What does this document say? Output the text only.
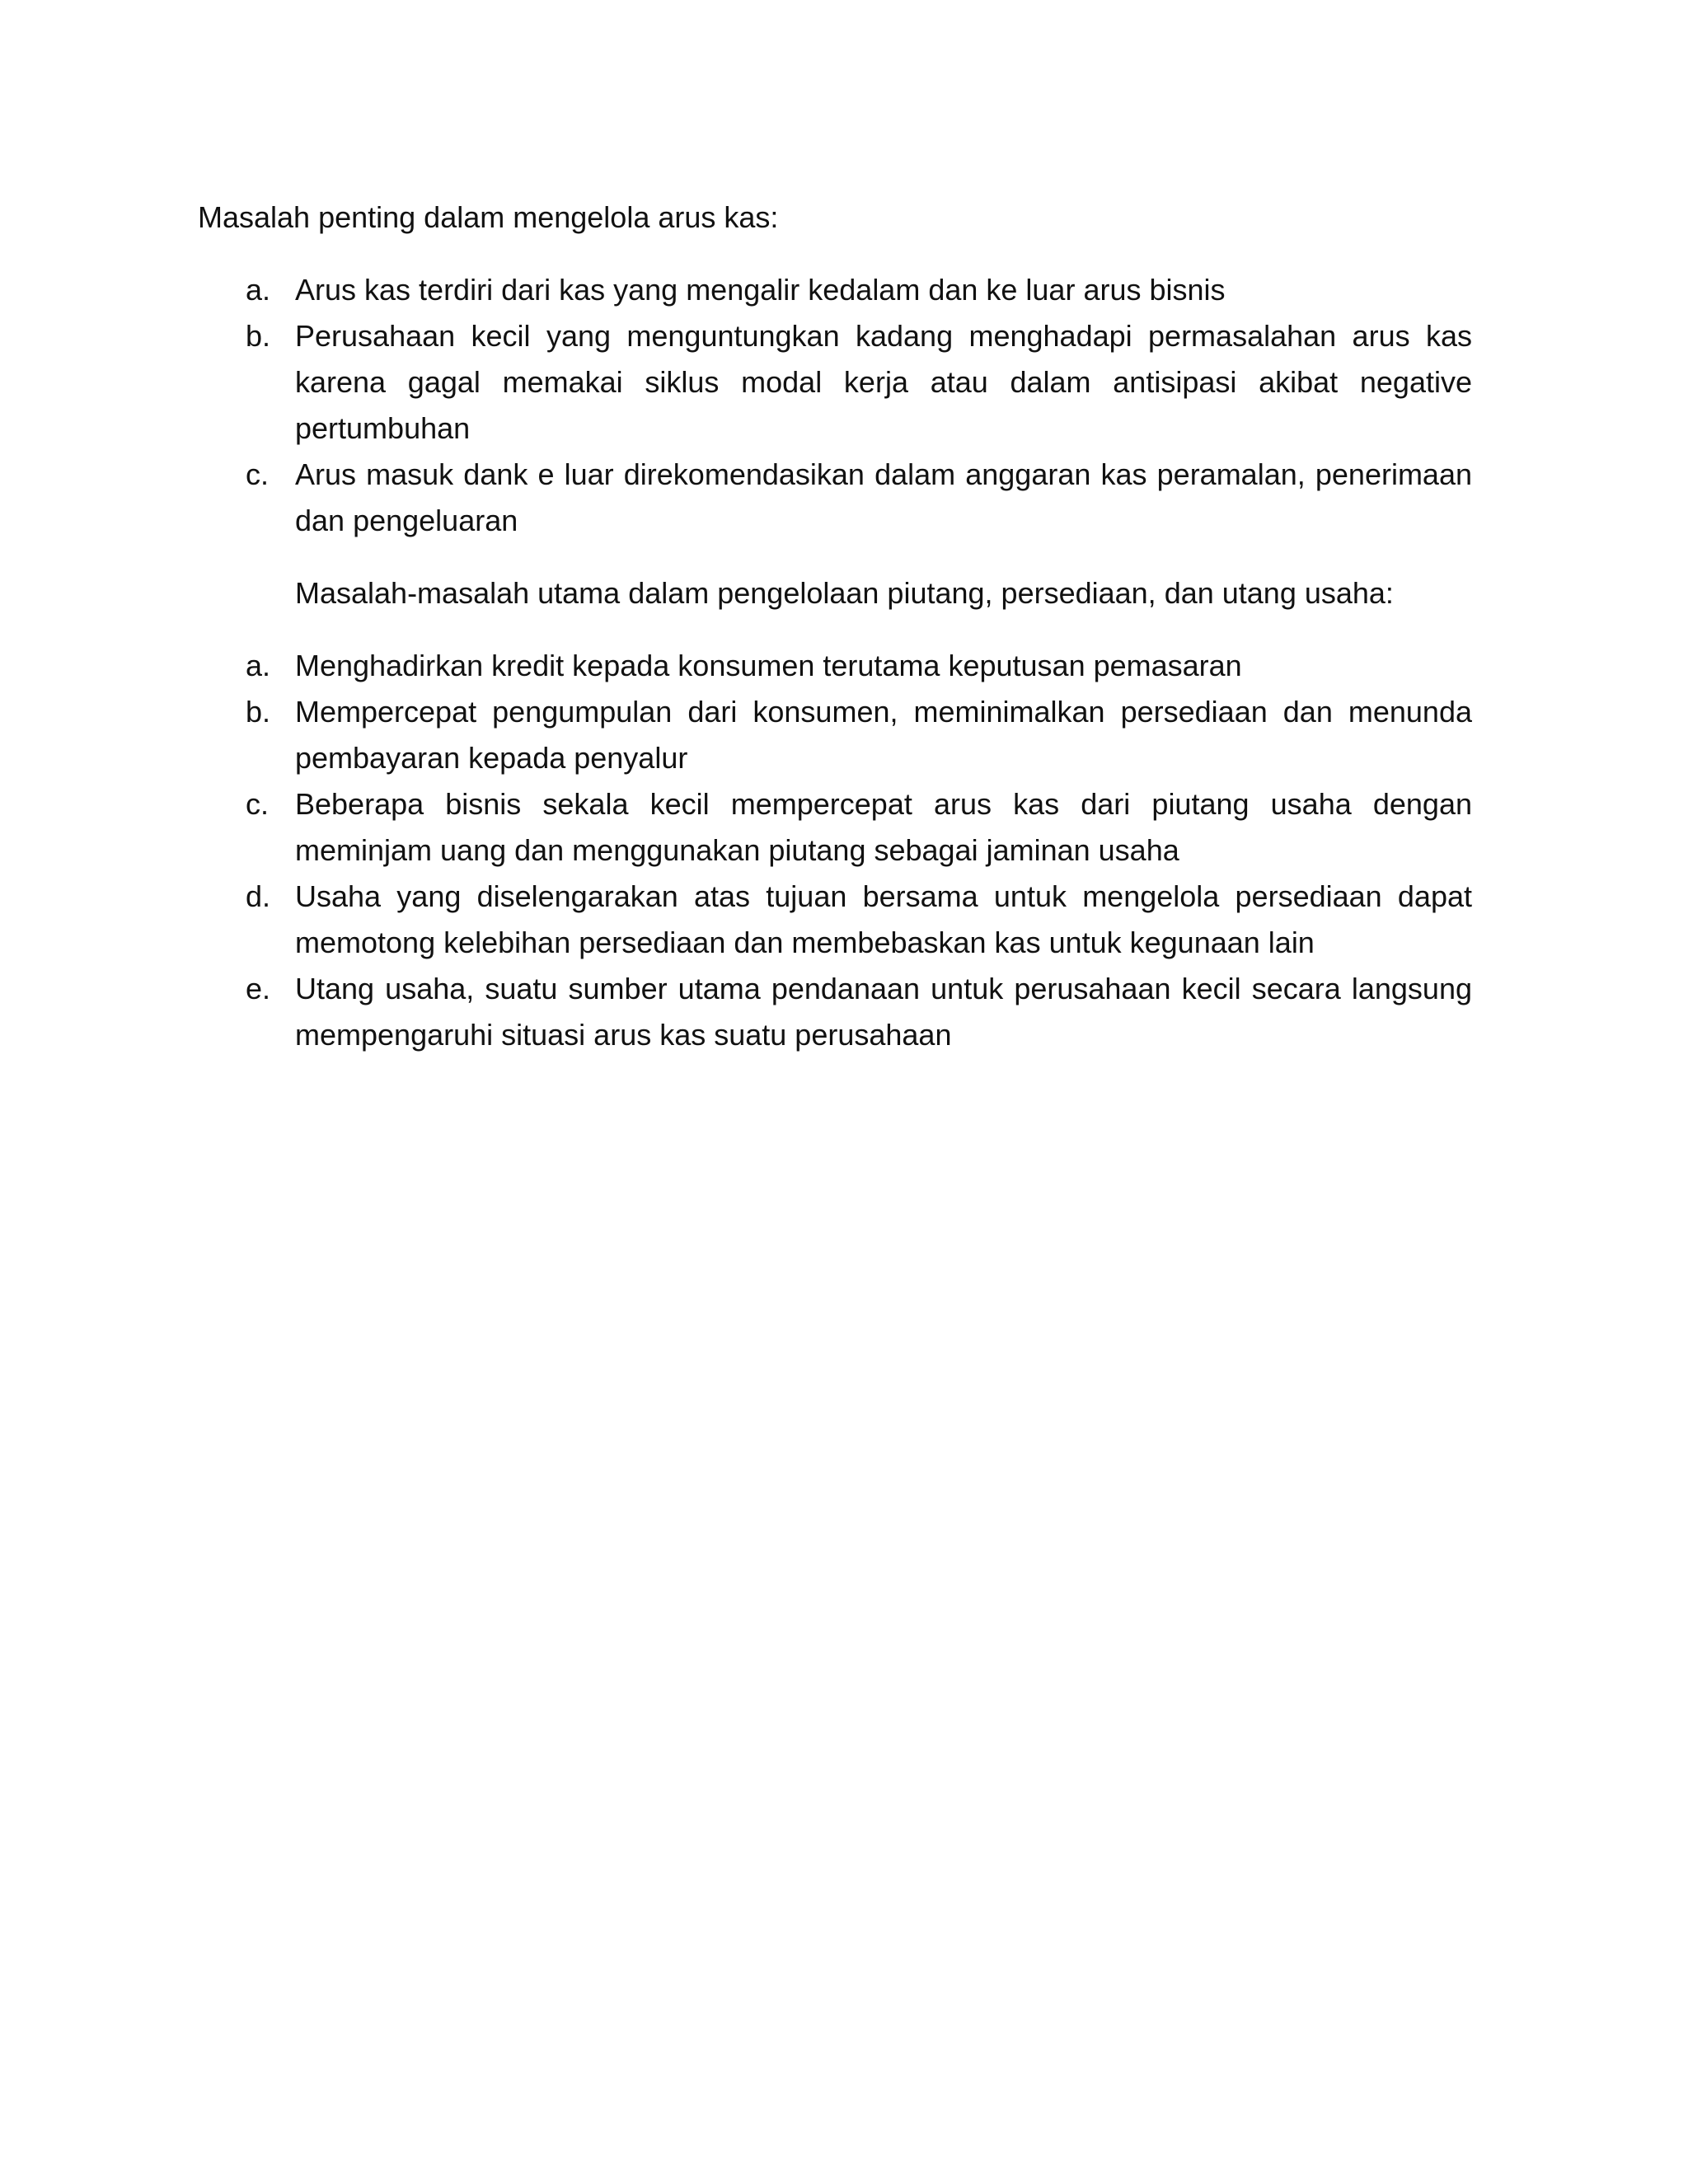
Masalah penting dalam mengelola arus kas:

a. Arus kas terdiri dari kas yang mengalir kedalam dan ke luar arus bisnis
b. Perusahaan kecil yang menguntungkan kadang menghadapi permasalahan arus kas karena gagal memakai siklus modal kerja atau dalam antisipasi akibat negative pertumbuhan
c. Arus masuk dank e luar direkomendasikan dalam anggaran kas peramalan, penerimaan dan pengeluaran

Masalah-masalah utama dalam pengelolaan piutang, persediaan, dan utang usaha:

a. Menghadirkan kredit kepada konsumen terutama keputusan pemasaran
b. Mempercepat pengumpulan dari konsumen, meminimalkan persediaan dan menunda pembayaran kepada penyalur
c. Beberapa bisnis sekala kecil mempercepat arus kas dari piutang usaha dengan meminjam uang dan menggunakan piutang sebagai jaminan usaha
d. Usaha yang diselengarakan atas tujuan bersama untuk mengelola persediaan dapat memotong kelebihan persediaan dan membebaskan kas untuk kegunaan lain
e. Utang usaha, suatu sumber utama pendanaan untuk perusahaan kecil secara langsung mempengaruhi situasi arus kas suatu perusahaan
